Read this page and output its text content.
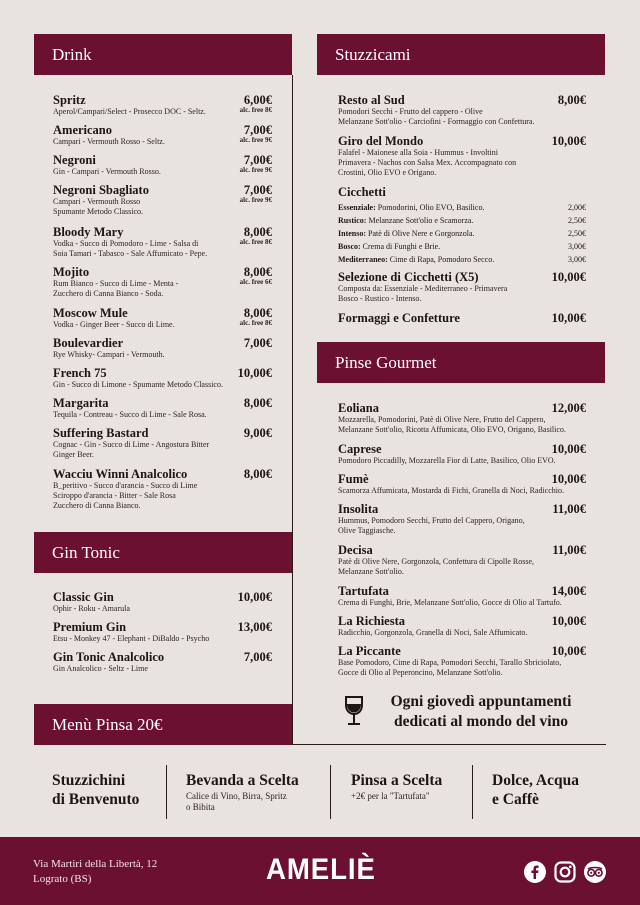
Drink	Stuzzicami
Gin Tonic
Pinse Gourmet
Menù Pinsa 20€
Spritz	6,00€
alc. free 8€
Aperol/Campari/Select - Prosecco DOC - Seltz.
Americano	7,00€
alc. free 9€
Campari - Vermouth Rosso - Seltz.
Negroni	7,00€
alc. free 9€
Gin - Campari - Vermouth Rosso.
Negroni Sbagliato	7,00€
alc. free 9€
Campari - Vermouth Rosso
Spumante Metodo Classico.
Bloody Mary	8,00€
alc. free 8€
Vodka - Succo di Pomodoro - Lime - Salsa di
Soia Tamari - Tabasco - Sale Affumicato - Pepe.
Mojito	8,00€
alc. free 6€
Rum Bianco - Succo di Lime - Menta -
Zucchero di Canna Bianco - Soda.
Moscow Mule	8,00€
alc. free 8€
Vodka - Ginger Beer - Succo di Lime.
Boulevardier	7,00€
Rye Whisky- Campari - Vermouth.
French 75	10,00€
Gin - Succo di Limone - Spumante Metodo Classico.
Margarita	8,00€
Tequila - Contreau - Succo di Lime - Sale Rosa.
Suffering Bastard	9,00€
Cognac - Gin - Succo di Lime - Angostura Bitter
Ginger Beer.
Wacciu Winni Analcolico	8,00€
B_peritivo - Succo d'arancia - Succo di Lime
Sciroppo d'arancia - Bitter - Sale Rosa
Zucchero di Canna Bianco.
Classic Gin	10,00€
Ophir - Roku - Amarula
Premium Gin	13,00€
Etsu - Monkey 47 - Elephant - DiBaldo - Psycho
Gin Tonic Analcolico	7,00€
Gin Analcolico - Seltz - Lime
Resto al Sud	8,00€
Pomodori Secchi - Frutto del cappero - Olive
Melanzane Sott'olio - Carciofini - Formaggio con Confettura.
Giro del Mondo	10,00€
Falafel - Maionese alla Soia - Hummus - Involtini
Primavera - Nachos con Salsa Mex. Accompagnato con
Crostini, Olio EVO e Origano.
Cicchetti
Essenziale: Pomodorini, Olio EVO, Basilico.	2,00€
Rustico: Melanzane Sott'olio e Scamorza.	2,50€
Intenso: Patè di Olive Nere e Gorgonzola.	2,50€
Bosco: Crema di Funghi e Brie.	3,00€
Mediterraneo: Cime di Rapa, Pomodoro Secco.	3,00€
Selezione di Cicchetti (X5)	10,00€
Composta da: Essenziale - Mediterraneo - Primavera
Bosco - Rustico - Intenso.
Formaggi e Confetture	10,00€
Eoliana	12,00€
Mozzarella, Pomodorini, Patè di Olive Nere, Frutto del Cappero,
Melanzane Sott'olio, Ricotta Affumicata, Olio EVO, Origano, Basilico.
Caprese	10,00€
Pomodoro Piccadilly, Mozzarella Fior di Latte, Basilico, Olio EVO.
Fumè	10,00€
Scamorza Affumicata, Mostarda di Fichi, Granella di Noci, Radicchio.
Insolita	11,00€
Hummus, Pomodoro Secchi, Frutto del Cappero, Origano,
Olive Taggiasche.
Decisa	11,00€
Patè di Olive Nere, Gorgonzola, Confettura di Cipolle Rosse,
Melanzane Sott'olio.
Tartufata	14,00€
Crema di Funghi, Brie, Melanzane Sott'olio, Gocce di Olio al Tartufo.
La Richiesta	10,00€
Radicchio, Gorgonzola, Granella di Noci, Sale Affumicato.
La Piccante	10,00€
Base Pomodoro, Cime di Rapa, Pomodori Secchi, Tarallo Sbriciolato,
Gocce di Olio al Peperoncino, Melanzane Sott'olio.
Ogni giovedì appuntamenti
dedicati al mondo del vino
Stuzzichini
di Benvenuto
Bevanda a Scelta
Calice di Vino, Birra, Spritz
o Bibita
Pinsa a Scelta
+2€ per la "Tartufata"
Dolce, Acqua
e Caffè
Via Martiri della Libertà, 12
Lograto (BS)	AMELIÈ
